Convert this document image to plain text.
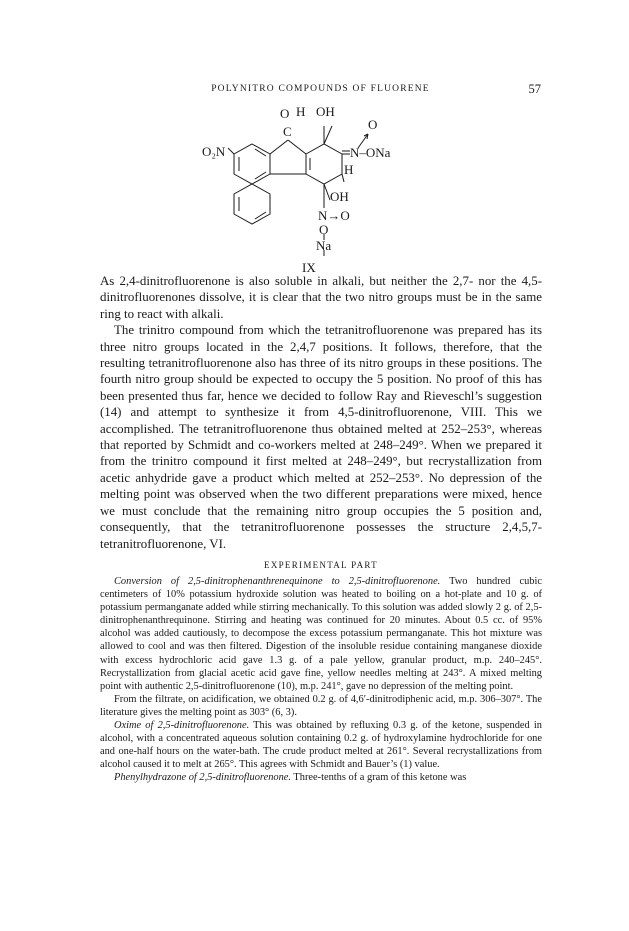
POLYNITRO COMPOUNDS OF FLUORENE	57
O H OH
C	O
O₂N	N–ONa
H
OH
N→O
O
Na
IX

As 2,4-dinitrofluorenone is also soluble in alkali, but neither the 2,7- nor the 4,5-dinitrofluorenones dissolve, it is clear that the two nitro groups must be in the same ring to react with alkali.

The trinitro compound from which the tetranitrofluorenone was prepared has its three nitro groups located in the 2,4,7 positions. It follows, therefore, that the resulting tetranitrofluorenone also has three of its nitro groups in these positions. The fourth nitro group should be expected to occupy the 5 position. No proof of this has been presented thus far, hence we decided to follow Ray and Rieveschl’s suggestion (14) and attempt to synthesize it from 4,5-dinitrofluorenone, VIII. This we accomplished. The tetranitrofluorenone thus obtained melted at 252–253°, whereas that reported by Schmidt and co-workers melted at 248–249°. When we prepared it from the trinitro compound it first melted at 248–249°, but recrystallization from acetic anhydride gave a product which melted at 252–253°. No depression of the melting point was observed when the two different preparations were mixed, hence we must conclude that the remaining nitro group occupies the 5 position and, consequently, that the tetranitrofluorenone possesses the structure 2,4,5,7-tetranitrofluorenone, VI.

EXPERIMENTAL PART

Conversion of 2,5-dinitrophenanthrenequinone to 2,5-dinitrofluorenone. Two hundred cubic centimeters of 10% potassium hydroxide solution was heated to boiling on a hot-plate and 10 g. of potassium permanganate added while stirring mechanically. To this solution was added slowly 2 g. of 2,5-dinitrophenanthrequinone. Stirring and heating was continued for 20 minutes. About 0.5 cc. of 95% alcohol was added cautiously, to decompose the excess potassium permanganate. This hot mixture was allowed to cool and was then filtered. Digestion of the insoluble residue containing manganese dioxide with excess hydrochloric acid gave 1.3 g. of a pale yellow, granular product, m.p. 240–245°. Recrystallization from glacial acetic acid gave fine, yellow needles melting at 243°. A mixed melting point with authentic 2,5-dinitrofluorenone (10), m.p. 241°, gave no depression of the melting point.

From the filtrate, on acidification, we obtained 0.2 g. of 4,6′-dinitrodiphenic acid, m.p. 306–307°. The literature gives the melting point as 303° (6, 3).

Oxime of 2,5-dinitrofluorenone. This was obtained by refluxing 0.3 g. of the ketone, suspended in alcohol, with a concentrated aqueous solution containing 0.2 g. of hydroxylamine hydrochloride for one and one-half hours on the water-bath. The crude product melted at 261°. Several recrystallizations from alcohol caused it to melt at 265°. This agrees with Schmidt and Bauer’s (1) value.

Phenylhydrazone of 2,5-dinitrofluorenone. Three-tenths of a gram of this ketone was
